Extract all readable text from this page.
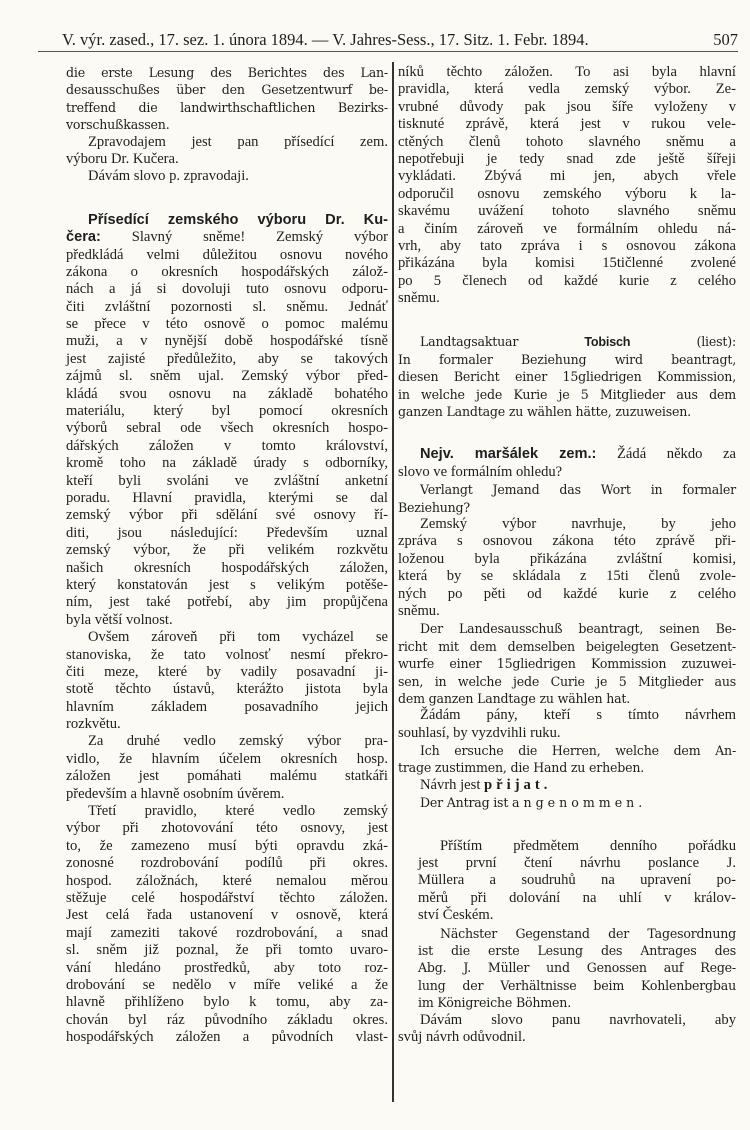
V. výr. zased., 17. sez. 1. února 1894. — V. Jahres-Sess., 17. Sitz. 1. Febr. 1894.	507
die erste Lesung des Berichtes des Lan-
desausschußes über den Gesetzentwurf be-
treffend die landwirthschaftlichen Bezirks-
vorschußkassen.
Zpravodajem jest pan přísedící zem.
výboru Dr. Kučera.
Dávám slovo p. zpravodaji.
Přísedící zemského výboru Dr. Ku-
čera: Slavný sněme! Zemský výbor
předkládá velmi důležitou osnovu nového
zákona o okresních hospodářských zálož-
nách a já si dovoluji tuto osnovu odporu-
čiti zvláštní pozornosti sl. sněmu. Jednáť
se přece v této osnově o pomoc malému
muži, a v nynější době hospodářské tísně
jest zajisté předůležito, aby se takových
zájmů sl. sněm ujal. Zemský výbor před-
kládá svou osnovu na základě bohatého
materiálu, který byl pomocí okresních
výborů sebral ode všech okresních hospo-
dářských záložen v tomto království,
kromě toho na základě úrady s odborníky,
kteří byli svoláni ve zvláštní anketní
poradu. Hlavní pravidla, kterými se dal
zemský výbor při sdělání své osnovy ří-
diti, jsou následující: Především uznal
zemský výbor, že při velikém rozkvětu
našich okresních hospodářských záložen,
který konstatován jest s velikým potěše-
ním, jest také potřebí, aby jim propůjčena
byla větší volnost.
Ovšem zároveň při tom vycházel se
stanoviska, že tato volnosť nesmí překro-
čiti meze, které by vadily posavadní ji-
stotě těchto ústavů, kterážto jistota byla
hlavním základem posavadního jejich
rozkvětu.
Za druhé vedlo zemský výbor pra-
vidlo, že hlavním účelem okresních hosp.
záložen jest pomáhati malému statkáři
především a hlavně osobním úvěrem.
Třetí pravidlo, které vedlo zemský
výbor při zhotovování této osnovy, jest
to, že zamezeno musí býti opravdu zká-
zonosné rozdrobování podílů při okres.
hospod. záložnách, které nemalou měrou
stěžuje celé hospodářství těchto záložen.
Jest celá řada ustanovení v osnově, která
mají zameziti takové rozdrobování, a snad
sl. sněm již poznal, že při tomto uvaro-
vání hledáno prostředků, aby toto roz-
drobování se nedělo v míře veliké a že
hlavně přihlíženo bylo k tomu, aby za-
chován byl ráz původního základu okres.
hospodářských záložen a původních vlast-
níků těchto záložen. To asi byla hlavní
pravidla, která vedla zemský výbor. Ze-
vrubné důvody pak jsou šíře vyloženy v
tisknuté zprávě, která jest v rukou vele-
ctěných členů tohoto slavného sněmu a
nepotřebuji je tedy snad zde ještě šířeji
vykládati. Zbývá mi jen, abych vřele
odporučil osnovu zemského výboru k la-
skavému uvážení tohoto slavného sněmu
a činím zároveň ve formálním ohledu ná-
vrh, aby tato zpráva i s osnovou zákona
přikázána byla komisi 15tičlenné zvolené
po 5 členech od každé kurie z celého
sněmu.
Landtagsaktuar Tobisch (liest):
In formaler Beziehung wird beantragt,
diesen Bericht einer 15gliedrigen Kommission,
in welche jede Kurie je 5 Mitglieder aus dem
ganzen Landtage zu wählen hätte, zuzuweisen.
Nejv. maršálek zem.: Žádá někdo za
slovo ve formálním ohledu?
Verlangt Jemand das Wort in formaler
Beziehung?
Zemský výbor navrhuje, by jeho
zpráva s osnovou zákona této zprávě při-
loženou byla přikázána zvláštní komisi,
která by se skládala z 15ti členů zvole-
ných po pěti od každé kurie z celého
sněmu.
Der Landesausschuß beantragt, seinen Be-
richt mit dem demselben beigelegten Gesetzent-
wurfe einer 15gliedrigen Kommission zuzuwei-
sen, in welche jede Curie je 5 Mitglieder aus
dem ganzen Landtage zu wählen hat.
Žádám pány, kteří s tímto návrhem
souhlasí, by vyzdvihli ruku.
Ich ersuche die Herren, welche dem An-
trage zustimmen, die Hand zu erheben.
Návrh jest přijat.
Der Antrag ist angenommen.
Příštím předmětem denního pořádku
jest první čtení návrhu poslance J.
Müllera a soudruhů na upravení po-
měrů při dolování na uhlí v králov-
ství Českém.
Nächster Gegenstand der Tagesordnung
ist die erste Lesung des Antrages des
Abg. J. Müller und Genossen auf Rege-
lung der Verhältnisse beim Kohlenbergbau
im Königreiche Böhmen.
Dávám slovo panu navrhovateli, aby
svůj návrh odůvodnil.
